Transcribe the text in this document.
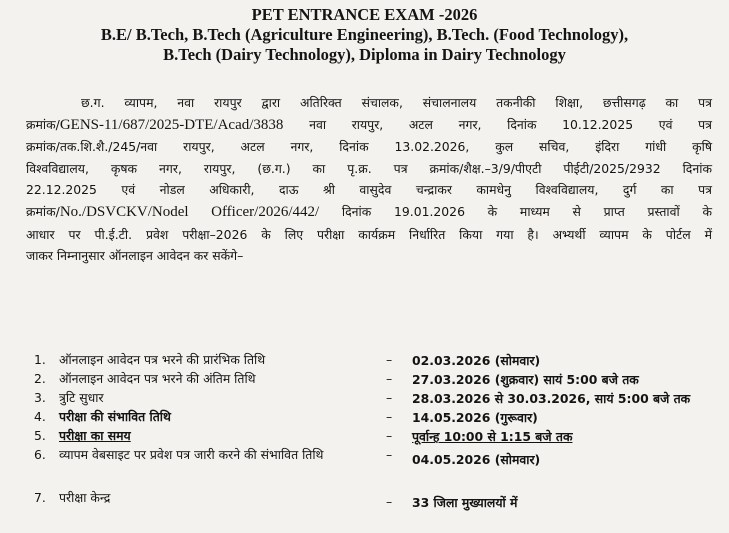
PET ENTRANCE EXAM -2026
B.E/ B.Tech, B.Tech (Agriculture Engineering), B.Tech. (Food Technology),
B.Tech (Dairy Technology), Diploma in Dairy Technology
छ.ग. व्यापम, नवा रायपुर द्वारा अतिरिक्त संचालक, संचालनालय तकनीकी शिक्षा, छत्तीसगढ़ का पत्र
क्रमांक/GENS-11/687/2025-DTE/Acad/3838 नवा रायपुर, अटल नगर, दिनांक 10.12.2025 एवं पत्र
क्रमांक/तक.शि.शै./245/नवा रायपुर, अटल नगर, दिनांक 13.02.2026, कुल सचिव, इंदिरा गांधी कृषि
विश्वविद्यालय, कृषक नगर, रायपुर, (छ.ग.) का पृ.क्र. पत्र क्रमांक/शैक्ष.–3/9/पीएटी पीईटी/2025/2932 दिनांक
22.12.2025 एवं नोडल अधिकारी, दाऊ श्री वासुदेव चन्द्राकर कामधेनु विश्वविद्यालय, दुर्ग का पत्र
क्रमांक/No./DSVCKV/Nodel Officer/2026/442/ दिनांक 19.01.2026 के माध्यम से प्राप्त प्रस्तावों के
आधार पर पी.ई.टी. प्रवेश परीक्षा–2026 के लिए परीक्षा कार्यक्रम निर्धारित किया गया है। अभ्यर्थी व्यापम के पोर्टल में
जाकर निम्नानुसार ऑनलाइन आवेदन कर सकेंगे–
1.	ऑनलाइन आवेदन पत्र भरने की प्रारंभिक तिथि	– 02.03.2026 (सोमवार)
2.	ऑनलाइन आवेदन पत्र भरने की अंतिम तिथि	– 27.03.2026 (शुक्रवार) सायं 5:00 बजे तक
3.	त्रुटि सुधार	– 28.03.2026 से 30.03.2026, सायं 5:00 बजे तक
4.	परीक्षा की संभावित तिथि	– 14.05.2026 (गुरूवार)
5.	परीक्षा का समय	– पूर्वान्ह 10:00 से 1:15 बजे तक
6.	व्यापम वेबसाइट पर प्रवेश पत्र जारी करने की संभावित तिथि	– 04.05.2026 (सोमवार)
7.	परीक्षा केन्द्र	– 33 जिला मुख्यालयों में
